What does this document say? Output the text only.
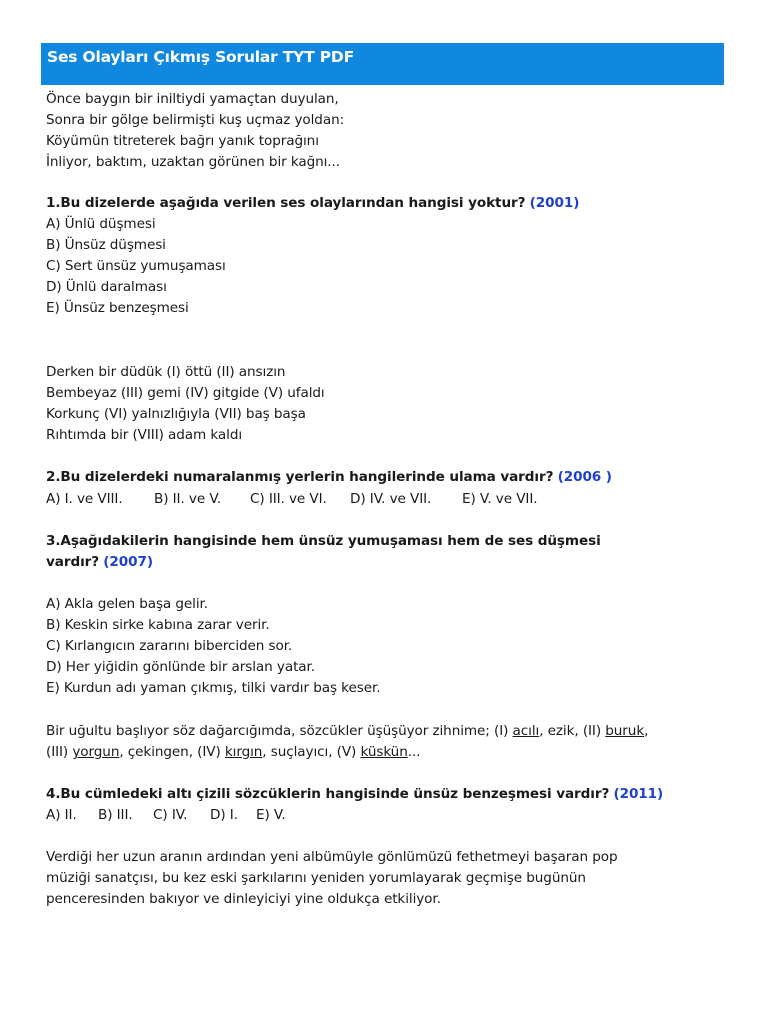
Ses Olayları Çıkmış Sorular TYT PDF
Önce baygın bir iniltiydi yamaçtan duyulan,
Sonra bir gölge belirmişti kuş uçmaz yoldan:
Köyümün titreterek bağrı yanık toprağını
İnliyor, baktım, uzaktan görünen bir kağnı...
1.Bu dizelerde aşağıda verilen ses olaylarından hangisi yoktur? (2001)
A) Ünlü düşmesi
B) Ünsüz düşmesi
C) Sert ünsüz yumuşaması
D) Ünlü daralması
E) Ünsüz benzeşmesi
Derken bir düdük (I) öttü (II) ansızın
Bembeyaz (III) gemi (IV) gitgide (V) ufaldı
Korkunç (VI) yalnızlığıyla (VII) baş başa
Rıhtımda bir (VIII) adam kaldı
2.Bu dizelerdeki numaralanmış yerlerin hangilerinde ulama vardır? (2006 )
A) I. ve VIII. B) II. ve V. C) III. ve VI. D) IV. ve VII. E) V. ve VII.
3.Aşağıdakilerin hangisinde hem ünsüz yumuşaması hem de ses düşmesi
vardır? (2007)
A) Akla gelen başa gelir.
B) Keskin sirke kabına zarar verir.
C) Kırlangıcın zararını biberciden sor.
D) Her yiğidin gönlünde bir arslan yatar.
E) Kurdun adı yaman çıkmış, tilki vardır baş keser.
Bir uğultu başlıyor söz dağarcığımda, sözcükler üşüşüyor zihnime; (I) acılı, ezik, (II) buruk,
(III) yorgun, çekingen, (IV) kırgın, suçlayıcı, (V) küskün...
4.Bu cümledeki altı çizili sözcüklerin hangisinde ünsüz benzeşmesi vardır? (2011)
A) II. B) III. C) IV. D) I. E) V.
Verdiği her uzun aranın ardından yeni albümüyle gönlümüzü fethetmeyi başaran pop
müziği sanatçısı, bu kez eski şarkılarını yeniden yorumlayarak geçmişe bugünün
penceresinden bakıyor ve dinleyiciyi yine oldukça etkiliyor.
